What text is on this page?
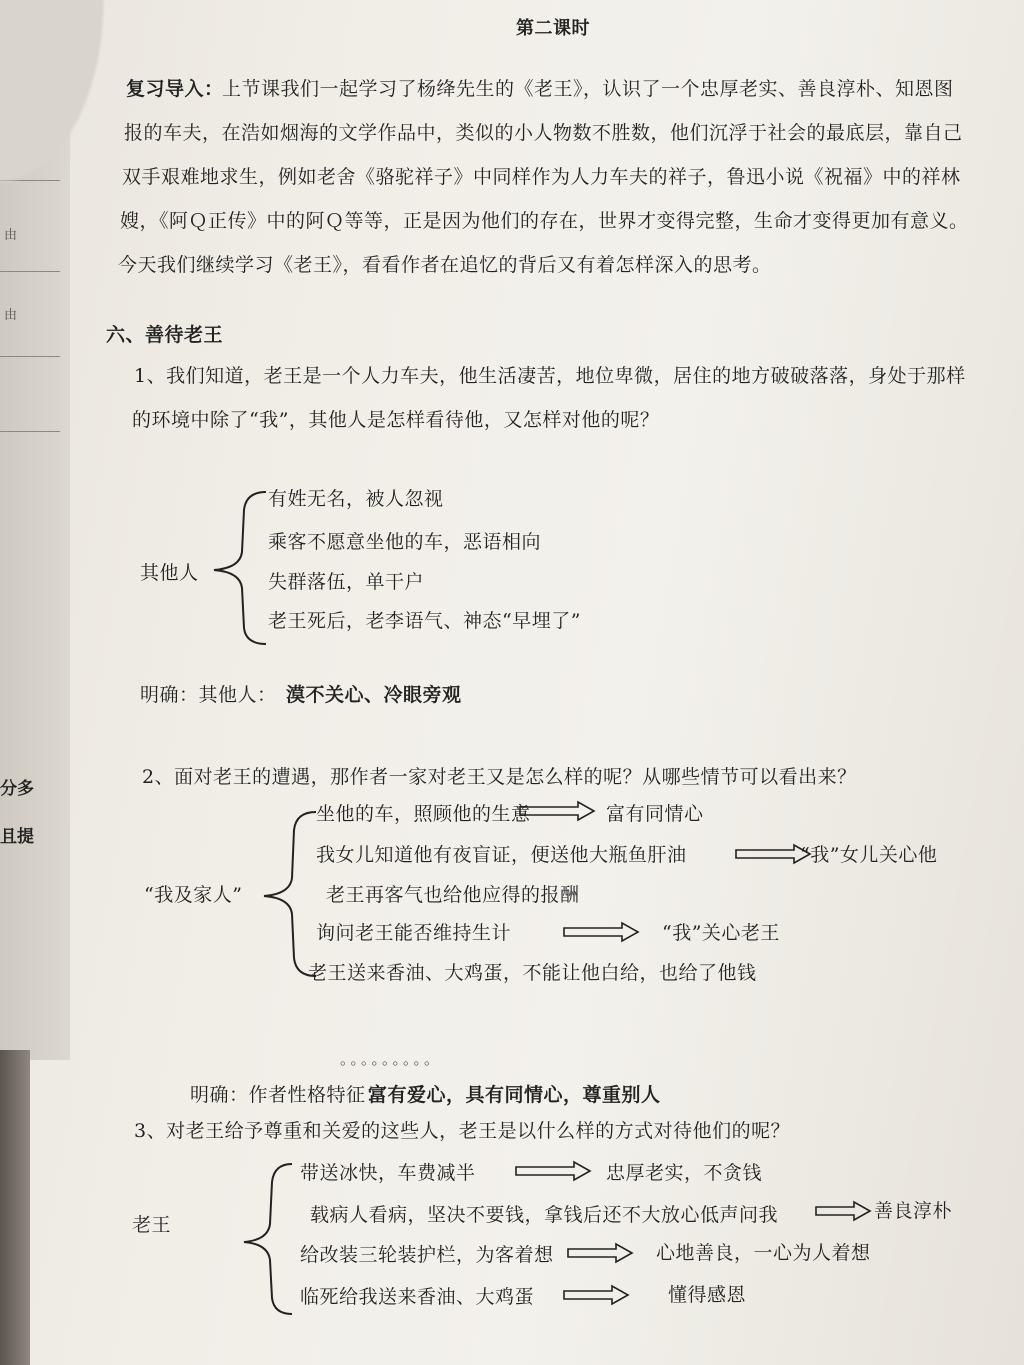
由
由
分多
且提
第二课时
复习导入：
上节课我们一起学习了杨绛先生的《老王》，认识了一个忠厚老实、善良淳朴、知恩图
报的车夫，在浩如烟海的文学作品中，类似的小人物数不胜数，他们沉浮于社会的最底层，靠自己
双手艰难地求生，例如老舍《骆驼祥子》中同样作为人力车夫的祥子，鲁迅小说《祝福》中的祥林
嫂，《阿Ｑ正传》中的阿Ｑ等等，正是因为他们的存在，世界才变得完整，生命才变得更加有意义。
今天我们继续学习《老王》，看看作者在追忆的背后又有着怎样深入的思考。
六、善待老王
1、我们知道，老王是一个人力车夫，他生活凄苦，地位卑微，居住的地方破破落落，身处于那样
的环境中除了“我”，其他人是怎样看待他，又怎样对他的呢？
其他人
有姓无名，被人忽视
乘客不愿意坐他的车，恶语相向
失群落伍，单干户
老王死后，老李语气、神态“早埋了”
明确：其他人： 漠不关心、冷眼旁观
2、面对老王的遭遇，那作者一家对老王又是怎么样的呢？从哪些情节可以看出来？
“我及家人”
坐他的车，照顾他的生意
我女儿知道他有夜盲证，便送他大瓶鱼肝油
老王再客气也给他应得的报酬
询问老王能否维持生计
老王送来香油、大鸡蛋，不能让他白给，也给了他钱
富有同情心
“我”女儿关心他
“我”关心老王
。。。。。。。。。
明确：作者性格特征：
富有爱心，具有同情心，尊重别人
3、对老王给予尊重和关爱的这些人，老王是以什么样的方式对待他们的呢？
老王
带送冰快，车费减半
载病人看病，坚决不要钱，拿钱后还不大放心低声问我
给改装三轮装护栏，为客着想
临死给我送来香油、大鸡蛋
忠厚老实，不贪钱
善良淳朴
心地善良，一心为人着想
懂得感恩
